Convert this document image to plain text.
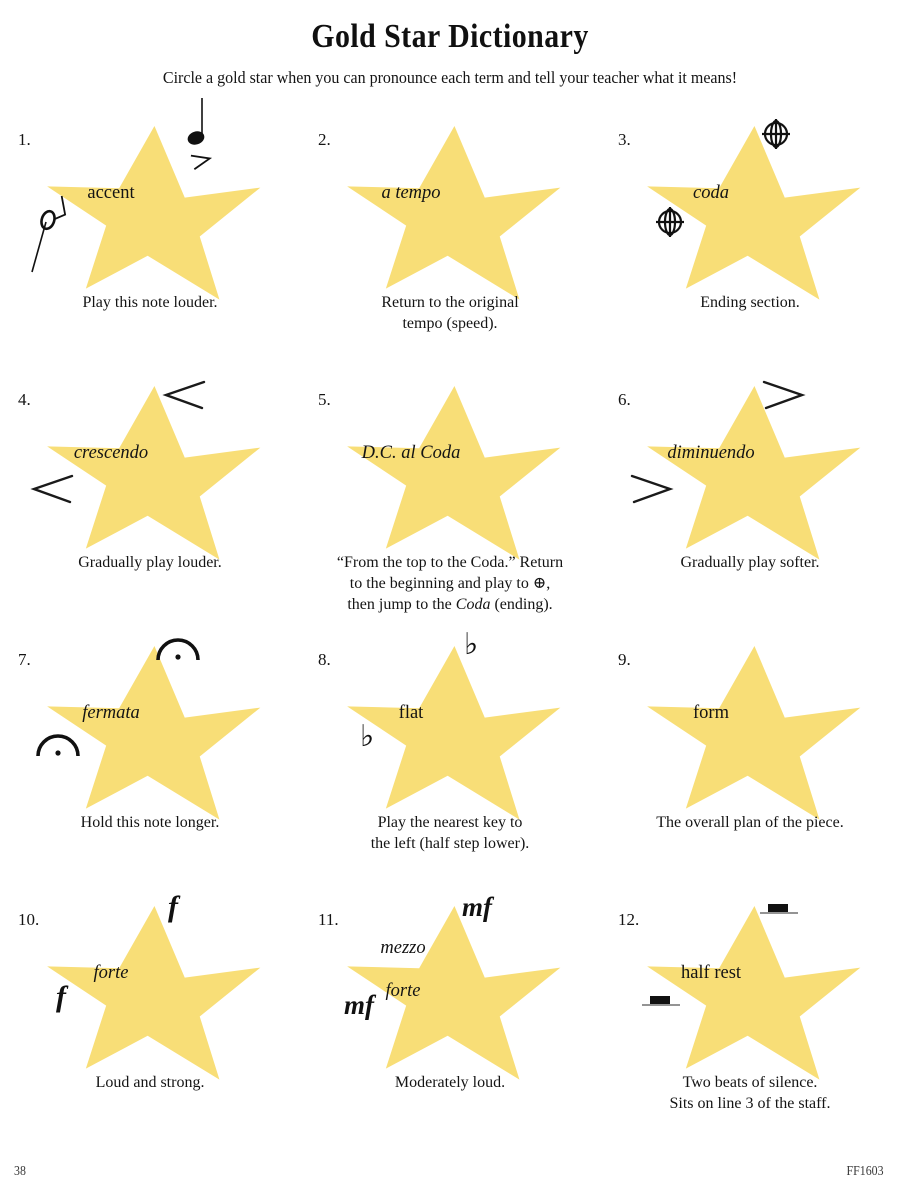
Gold Star Dictionary

Circle a gold star when you can pronounce each term and tell your teacher what it means!

1.
accent
Play this note louder.
2.
a tempo
Return to the original
tempo (speed).
3.
coda
Ending section.
4.
crescendo
Gradually play louder.
5.
D.C. al Coda
“From the top to the Coda.” Return
to the beginning and play to ⊕,
then jump to the Coda (ending).
6.
diminuendo
Gradually play softer.
7.
fermata
Hold this note longer.
8.	♭
♭
flat
Play the nearest key to
the left (half step lower).
9.
form
The overall plan of the piece.
10.	f
f
forte
Loud and strong.
11.	mf
mf
mezzo

forte
Moderately loud.
12.
half rest
Two beats of silence.
Sits on line 3 of the staff.
38	FF1603
